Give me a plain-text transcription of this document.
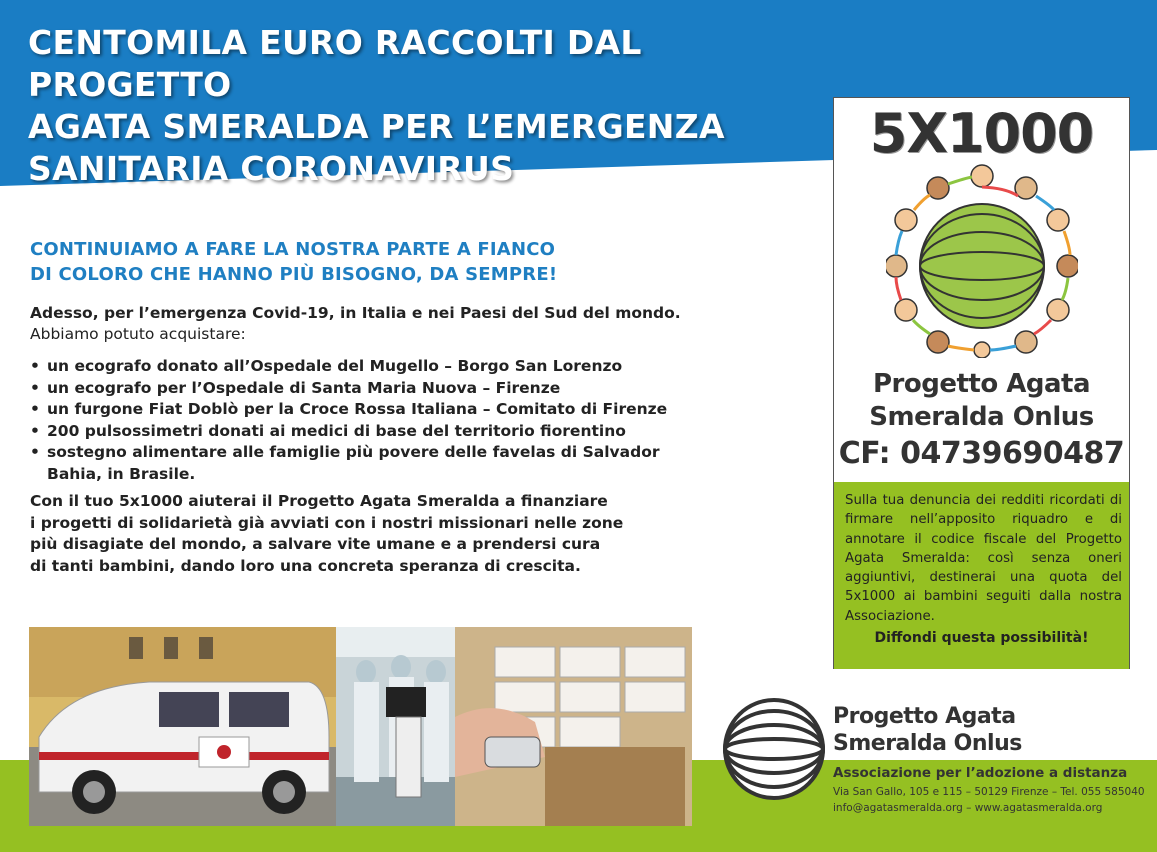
CENTOMILA EURO RACCOLTI DAL PROGETTO
AGATA SMERALDA PER L’EMERGENZA
SANITARIA CORONAVIRUS
CONTINUIAMO A FARE LA NOSTRA PARTE A FIANCO
DI COLORO CHE HANNO PIÙ BISOGNO, DA SEMPRE!
Adesso, per l’emergenza Covid-19, in Italia e nei Paesi del Sud del mondo.
Abbiamo potuto acquistare:
• un ecografo donato all’Ospedale del Mugello – Borgo San Lorenzo
• un ecografo per l’Ospedale di Santa Maria Nuova – Firenze
• un furgone Fiat Doblò per la Croce Rossa Italiana – Comitato di Firenze
• 200 pulsossimetri donati ai medici di base del territorio fiorentino
• sostegno alimentare alle famiglie più povere delle favelas di Salvador Bahia, in Brasile.
Con il tuo 5x1000 aiuterai il Progetto Agata Smeralda a finanziare
i progetti di solidarietà già avviati con i nostri missionari nelle zone
più disagiate del mondo, a salvare vite umane e a prendersi cura
di tanti bambini, dando loro una concreta speranza di crescita.
5X1000
Progetto Agata
Smeralda Onlus
CF: 04739690487
Sulla tua denuncia dei redditi ricordati di firmare nell’apposito riquadro e di annotare il codice fiscale del Progetto Agata Smeralda: così senza oneri aggiuntivi, destinerai una quota del 5x1000 ai bambini seguiti dalla nostra Associazione.
Diffondi questa possibilità!
Progetto Agata
Smeralda Onlus
Associazione per l’adozione a distanza
Via San Gallo, 105 e 115 – 50129 Firenze – Tel. 055 585040
info@agatasmeralda.org – www.agatasmeralda.org
